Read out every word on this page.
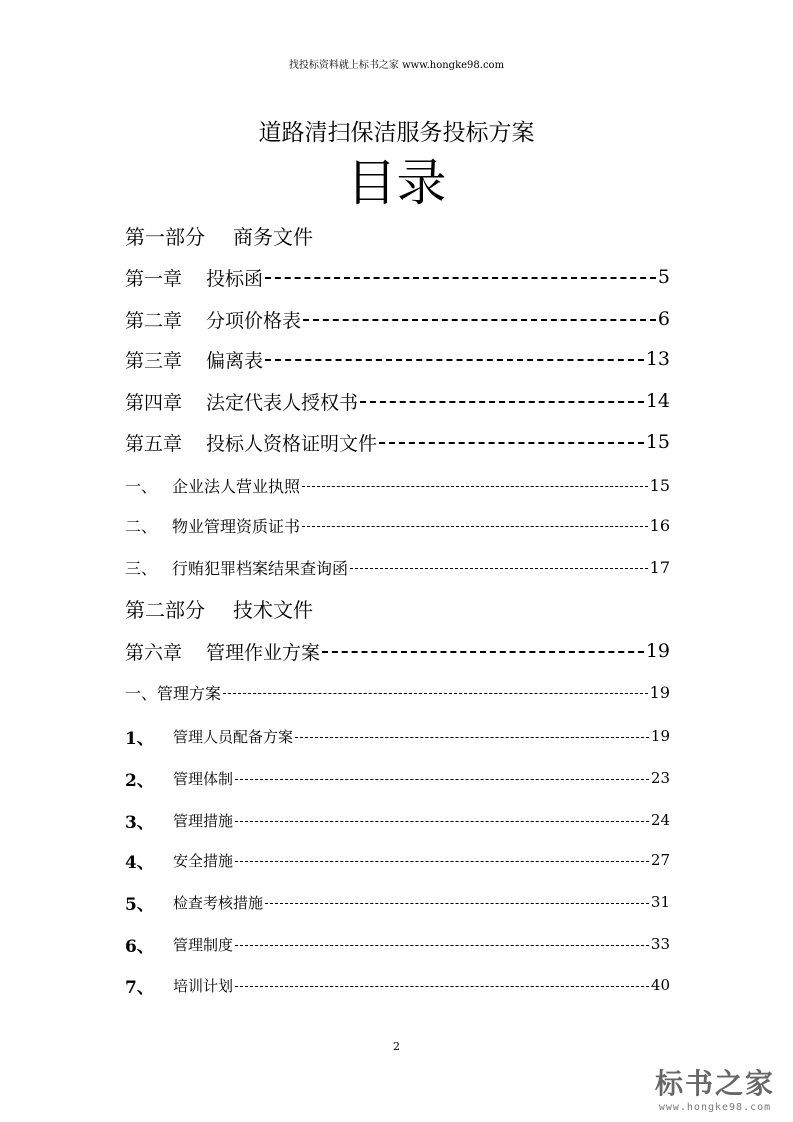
找投标资料就上标书之家 www.hongke98.com
道路清扫保洁服务投标方案
目录
第一部分	商务文件
第一章	投标函	5
第二章	分项价格表	6
第三章	偏离表	13
第四章	法定代表人授权书	14
第五章	投标人资格证明文件	15
一、 企业法人营业执照	15
二、 物业管理资质证书	16
三、 行贿犯罪档案结果查询函	17
第二部分	技术文件
第六章	管理作业方案	19
一、管理方案	19
1、	管理人员配备方案	19
2、	管理体制	23
3、	管理措施	24
4、	安全措施	27
5、	检查考核措施	31
6、	管理制度	33
7、	培训计划	40
2
标书之家
www.hongke98.com
